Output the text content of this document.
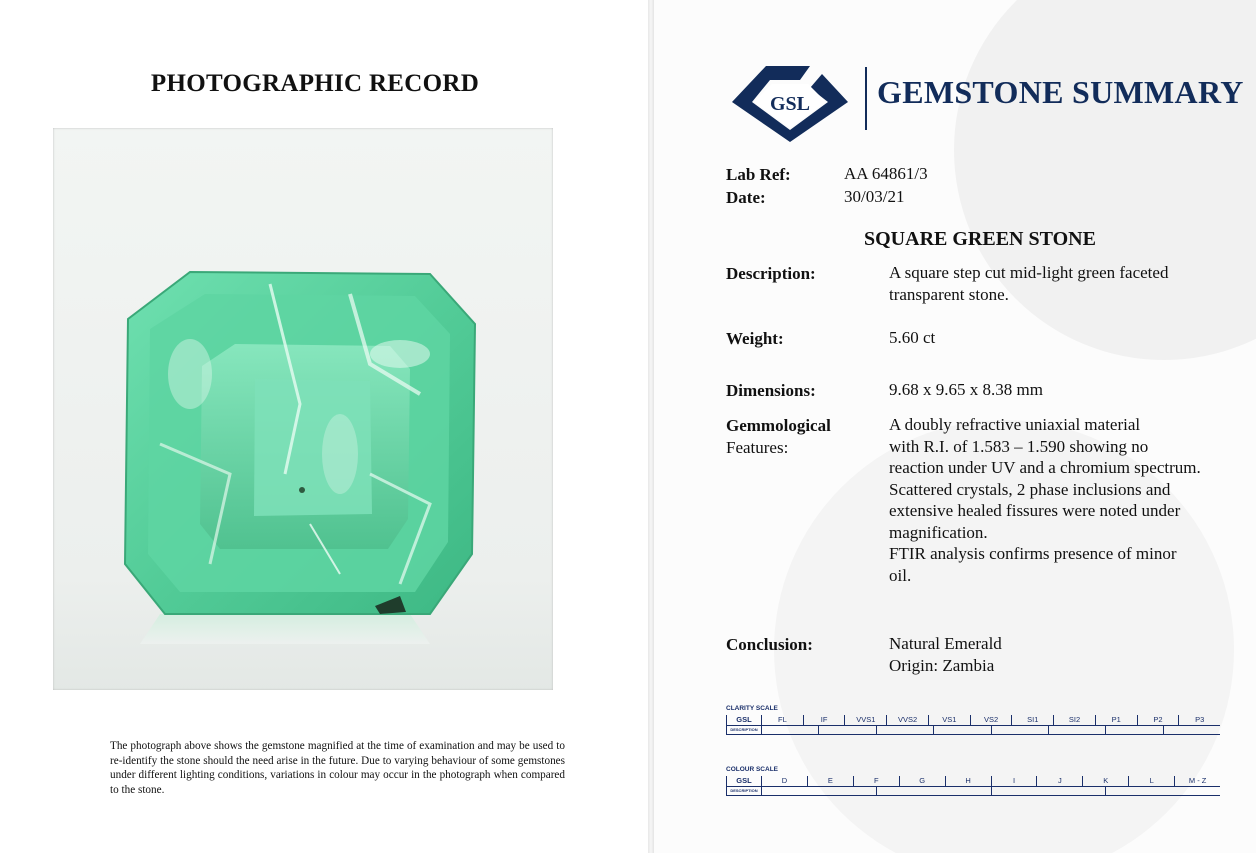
PHOTOGRAPHIC RECORD
The photograph above shows the gemstone magnified at the time of examination and may be used to re-identify the stone should the need arise in the future. Due to varying behaviour of some gemstones under different lighting conditions, variations in colour may occur in the photograph when compared to the stone.
GSL GEMSTONE SUMMARY
Lab Ref:	AA 64861/3
Date:	30/03/21
SQUARE GREEN STONE
Description:	A square step cut mid-light green faceted transparent stone.
Weight:	5.60 ct
Dimensions:	9.68 x 9.65 x 8.38 mm
Gemmological
Features:
A doubly refractive uniaxial material
with R.I. of 1.583 – 1.590 showing no
reaction under UV and a chromium spectrum.
Scattered crystals, 2 phase inclusions and
extensive healed fissures were noted under
magnification.
FTIR analysis confirms presence of minor
oil.
Conclusion:	Natural Emerald
Origin: Zambia
CLARITY SCALE
GSL	FL	IF	VVS1	VVS2	VS1	VS2	SI1	SI2	P1	P2	P3
DESCRIPTION
COLOUR SCALE
GSL	D	E	F	G	H	I	J	K	L	M - Z
DESCRIPTION
